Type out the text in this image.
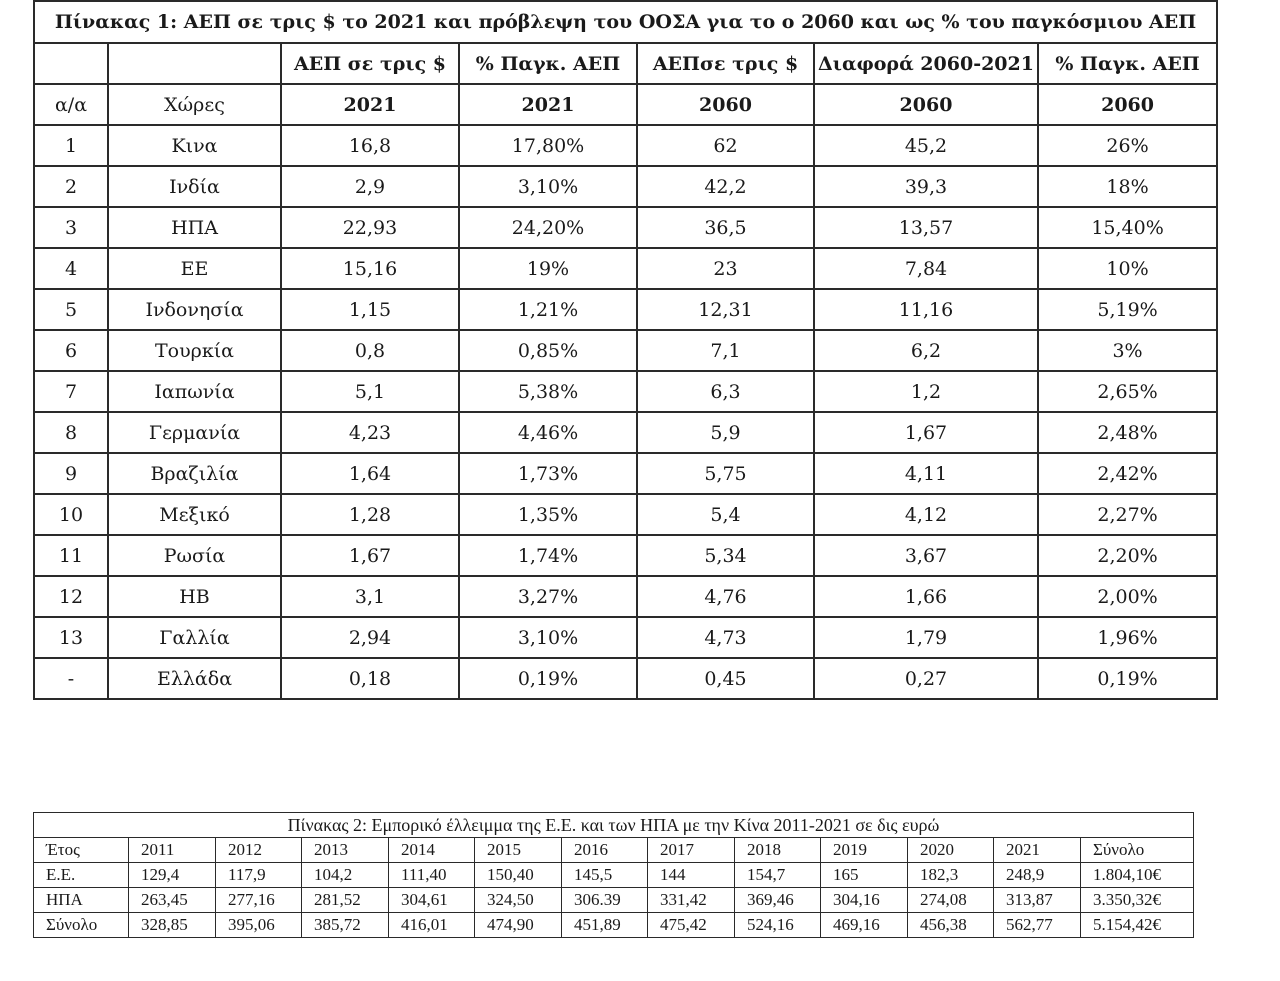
Πίνακας 1: ΑΕΠ σε τρις $ το 2021 και πρόβλεψη του ΟΟΣΑ για το ο 2060 και ως % του παγκόσμιου ΑΕΠ						
		ΑΕΠ σε τρις $	% Παγκ. ΑΕΠ	ΑΕΠσε τρις $	Διαφορά 2060-2021	% Παγκ. ΑΕΠ
α/α	Χώρες	2021	2021	2060	2060	2060
1	Κινα	16,8	17,80%	62	45,2	26%
2	Ινδία	2,9	3,10%	42,2	39,3	18%
3	ΗΠΑ	22,93	24,20%	36,5	13,57	15,40%
4	ΕΕ	15,16	19%	23	7,84	10%
5	Ινδονησία	1,15	1,21%	12,31	11,16	5,19%
6	Τουρκία	0,8	0,85%	7,1	6,2	3%
7	Ιαπωνία	5,1	5,38%	6,3	1,2	2,65%
8	Γερμανία	4,23	4,46%	5,9	1,67	2,48%
9	Βραζιλία	1,64	1,73%	5,75	4,11	2,42%
10	Μεξικό	1,28	1,35%	5,4	4,12	2,27%
11	Ρωσία	1,67	1,74%	5,34	3,67	2,20%
12	ΗΒ	3,1	3,27%	4,76	1,66	2,00%
13	Γαλλία	2,94	3,10%	4,73	1,79	1,96%
-	Ελλάδα	0,18	0,19%	0,45	0,27	0,19%
Πίνακας 2: Εμπορικό έλλειμμα της Ε.Ε. και των ΗΠΑ με την Κίνα 2011-2021 σε δις ευρώ												
Έτος	2011	2012	2013	2014	2015	2016	2017	2018	2019	2020	2021	Σύνολο
Ε.Ε.	129,4	117,9	104,2	111,40	150,40	145,5	144	154,7	165	182,3	248,9	1.804,10€
ΗΠΑ	263,45	277,16	281,52	304,61	324,50	306.39	331,42	369,46	304,16	274,08	313,87	3.350,32€
Σύνολο	328,85	395,06	385,72	416,01	474,90	451,89	475,42	524,16	469,16	456,38	562,77	5.154,42€
